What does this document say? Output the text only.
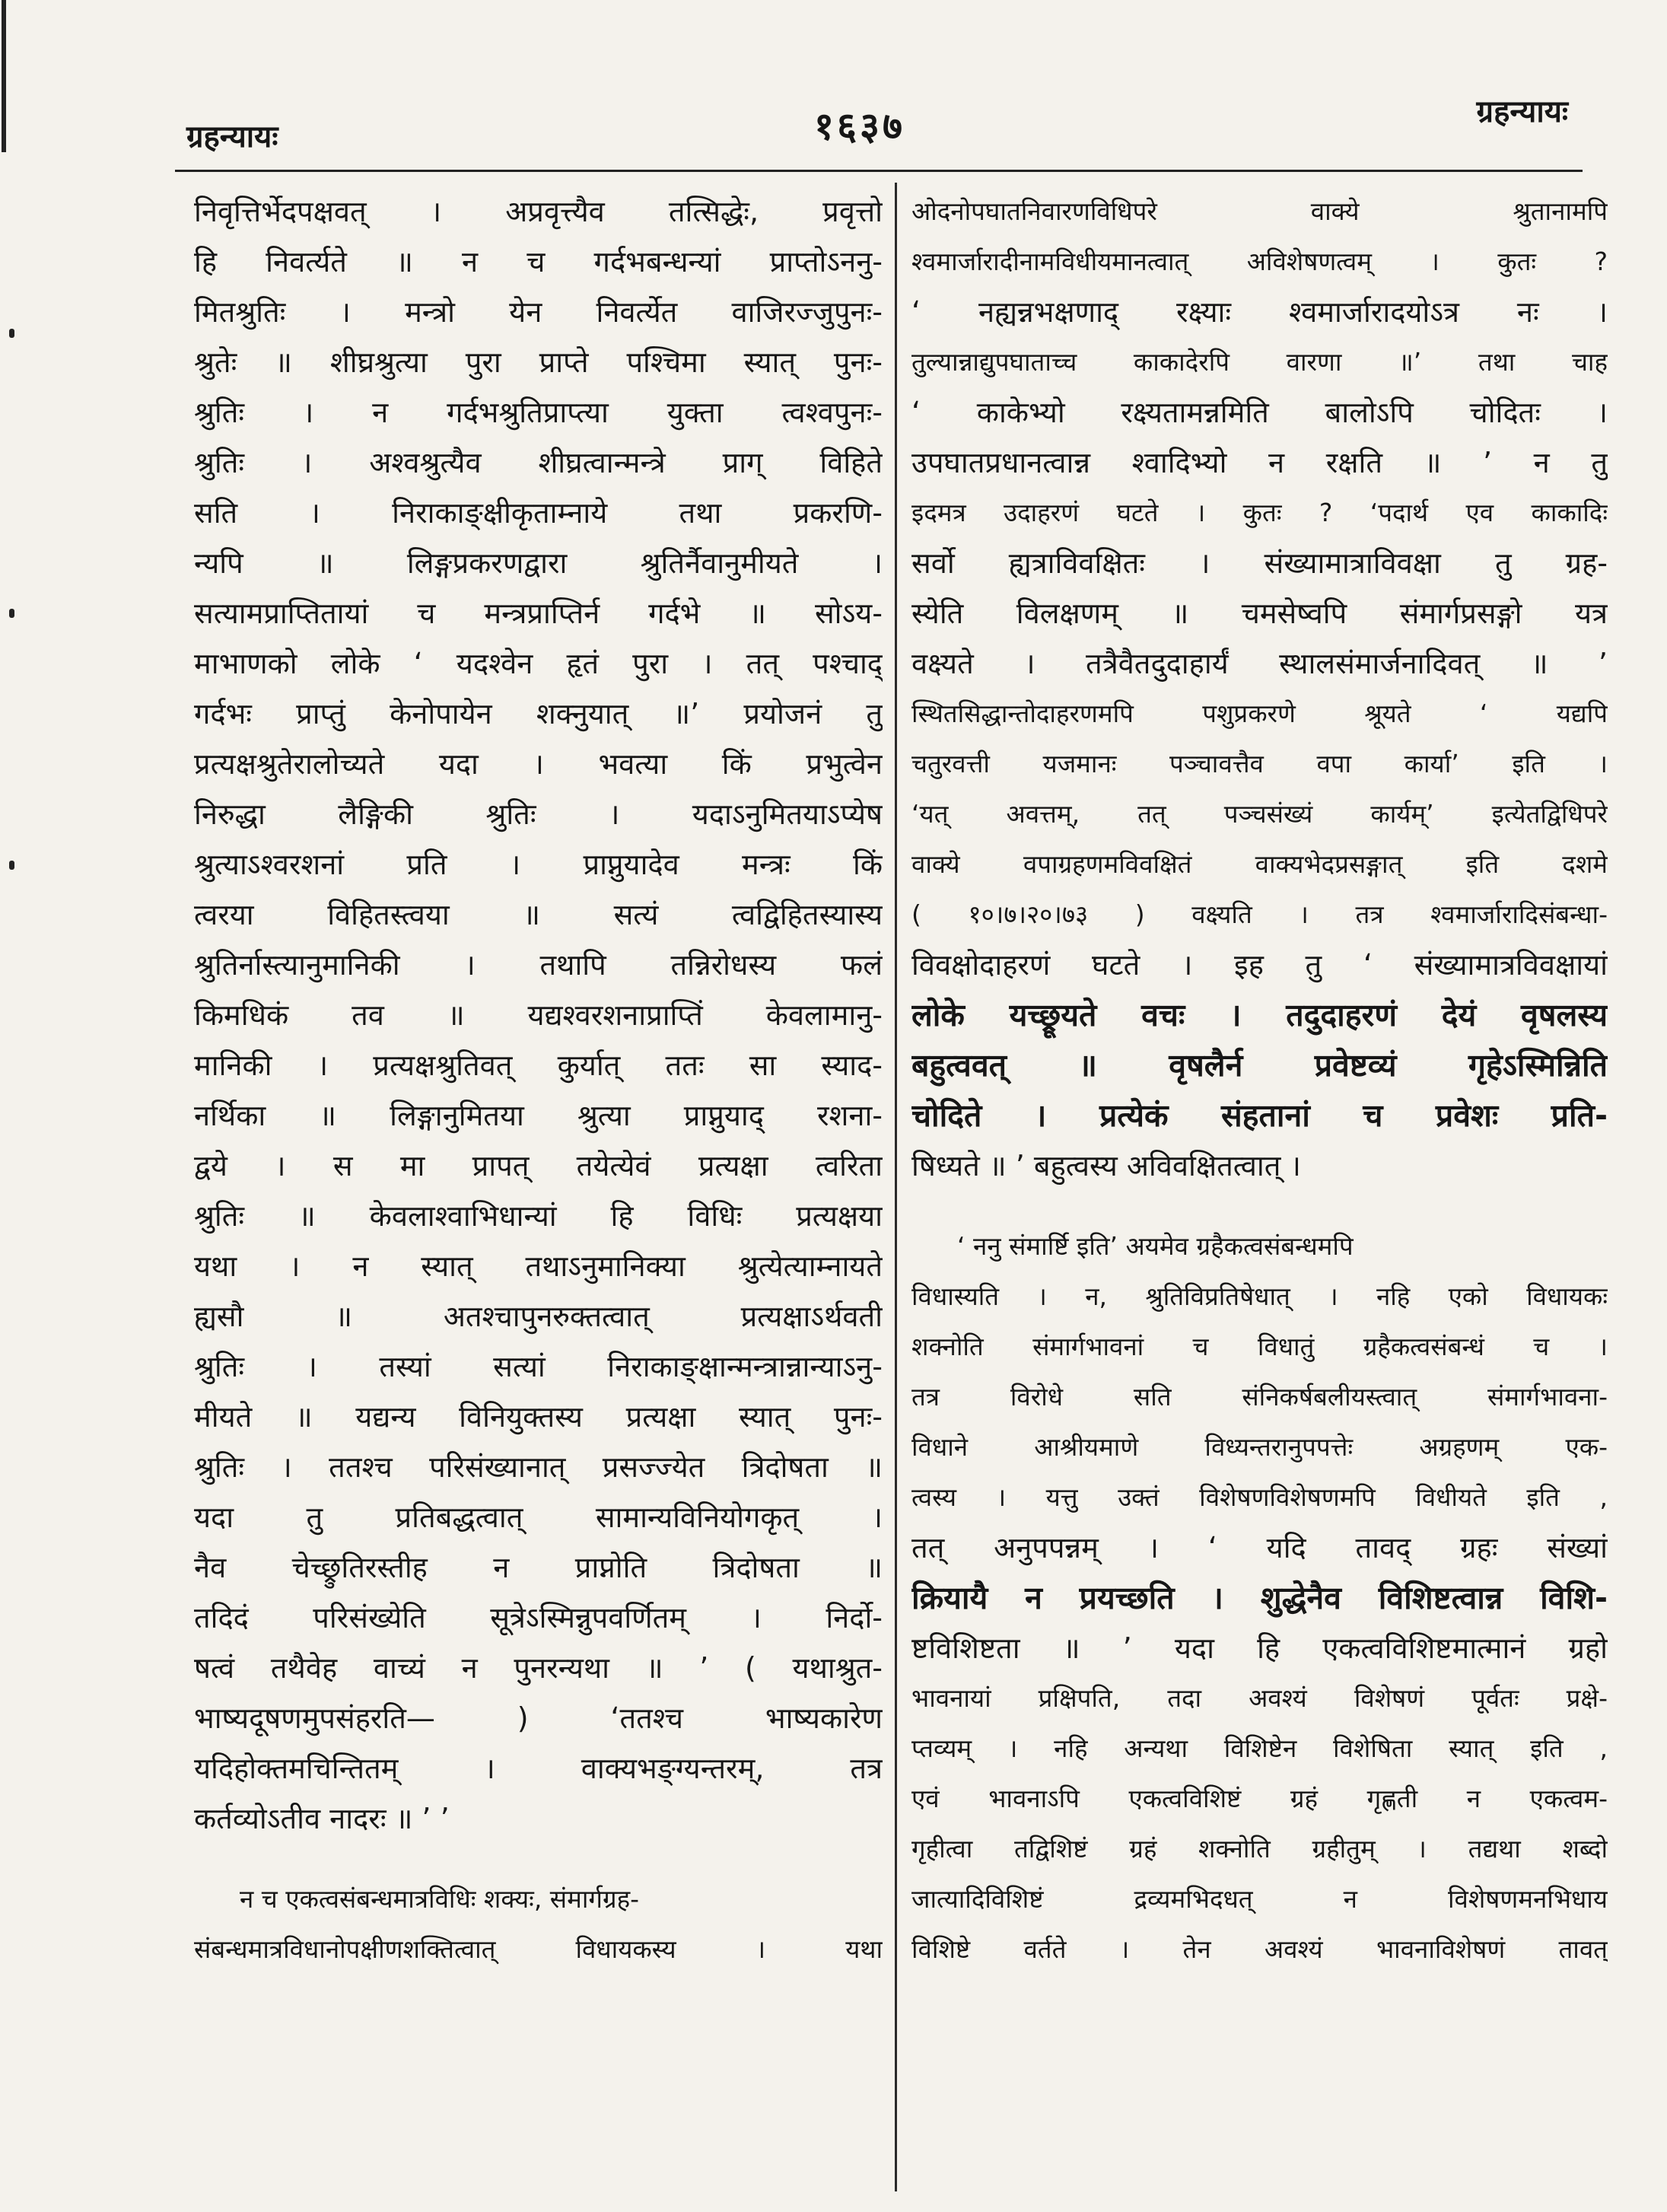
ग्रहन्यायः	१६३७	ग्रहन्यायः
निवृत्तिर्भेदपक्षवत् । अप्रवृत्त्यैव तत्सिद्धेः, प्रवृत्तो
हि निवर्त्यते ॥ न च गर्दभबन्धन्यां प्राप्तोऽननु-
मितश्रुतिः । मन्त्रो येन निवर्त्येत वाजिरज्जुपुनः-
श्रुतेः ॥ शीघ्रश्रुत्या पुरा प्राप्ते पश्चिमा स्यात् पुनः-
श्रुतिः । न गर्दभश्रुतिप्राप्त्या युक्ता त्वश्वपुनः-
श्रुतिः । अश्वश्रुत्यैव शीघ्रत्वान्मन्त्रे प्राग् विहिते
सति । निराकाङ्क्षीकृताम्नाये तथा प्रकरणि-
न्यपि ॥ लिङ्गप्रकरणद्वारा श्रुतिर्नैवानुमीयते ।
सत्यामप्राप्तितायां च मन्त्रप्राप्तिर्न गर्दभे ॥ सोऽय-
माभाणको लोके ‘ यदश्वेन हृतं पुरा । तत् पश्चाद्
गर्दभः प्राप्तुं केनोपायेन शक्नुयात् ॥’ प्रयोजनं तु
प्रत्यक्षश्रुतेरालोच्यते यदा । भवत्या किं प्रभुत्वेन
निरुद्धा लैङ्गिकी श्रुतिः । यदाऽनुमितयाऽप्येष
श्रुत्याऽश्वरशनां प्रति । प्राप्नुयादेव मन्त्रः किं
त्वरया विहितस्त्वया ॥ सत्यं त्वद्विहितस्यास्य
श्रुतिर्नास्त्यानुमानिकी । तथापि तन्निरोधस्य फलं
किमधिकं तव ॥ यद्यश्वरशनाप्राप्तिं केवलामानु-
मानिकी । प्रत्यक्षश्रुतिवत् कुर्यात् ततः सा स्याद-
नर्थिका ॥ लिङ्गानुमितया श्रुत्या प्राप्नुयाद् रशना-
द्वये । स मा प्रापत् तयेत्येवं प्रत्यक्षा त्वरिता
श्रुतिः ॥ केवलाश्वाभिधान्यां हि विधिः प्रत्यक्षया
यथा । न स्यात् तथाऽनुमानिक्या श्रुत्येत्याम्नायते
ह्यसौ ॥ अतश्चापुनरुक्तत्वात् प्रत्यक्षाऽर्थवती
श्रुतिः । तस्यां सत्यां निराकाङ्क्षान्मन्त्रान्नान्याऽनु-
मीयते ॥ यद्यन्य विनियुक्तस्य प्रत्यक्षा स्यात् पुनः-
श्रुतिः । ततश्च परिसंख्यानात् प्रसज्ज्येत त्रिदोषता ॥
यदा तु प्रतिबद्धत्वात् सामान्यविनियोगकृत् ।
नैव चेच्छ्रुतिरस्तीह न प्राप्नोति त्रिदोषता ॥
तदिदं परिसंख्येति सूत्रेऽस्मिन्नुपवर्णितम् । निर्दो-
षत्वं तथैवेह वाच्यं न पुनरन्यथा ॥ ’ ( यथाश्रुत-
भाष्यदूषणमुपसंहरति— ) ‘ततश्च भाष्यकारेण
यदिहोक्तमचिन्तितम् । वाक्यभङ्ग्यन्तरम्, तत्र
कर्तव्योऽतीव नादरः ॥ ’ ’
न च एकत्वसंबन्धमात्रविधिः शक्यः, संमार्गग्रह-
संबन्धमात्रविधानोपक्षीणशक्तित्वात् विधायकस्य । यथा
ओदनोपघातनिवारणविधिपरे वाक्ये श्रुतानामपि
श्वमार्जारादीनामविधीयमानत्वात् अविशेषणत्वम् । कुतः ?
‘ नह्यन्नभक्षणाद् रक्ष्याः श्वमार्जारादयोऽत्र नः ।
तुल्यान्नाद्युपघाताच्च काकादेरपि वारणा ॥’ तथा चाह
‘ काकेभ्यो रक्ष्यतामन्नमिति बालोऽपि चोदितः ।
उपघातप्रधानत्वान्न श्वादिभ्यो न रक्षति ॥ ’ न तु
इदमत्र उदाहरणं घटते । कुतः ? ‘पदार्थ एव काकादिः
सर्वो ह्यत्राविवक्षितः । संख्यामात्राविवक्षा तु ग्रह-
स्येति विलक्षणम् ॥ चमसेष्वपि संमार्गप्रसङ्गो यत्र
वक्ष्यते । तत्रैवैतदुदाहार्यं स्थालसंमार्जनादिवत् ॥ ’
स्थितसिद्धान्तोदाहरणमपि पशुप्रकरणे श्रूयते ‘ यद्यपि
चतुरवत्ती यजमानः पञ्चावत्तैव वपा कार्या’ इति ।
‘यत् अवत्तम्, तत् पञ्चसंख्यं कार्यम्’ इत्येतद्विधिपरे
वाक्ये वपाग्रहणमविवक्षितं वाक्यभेदप्रसङ्गात् इति दशमे
( १०।७।२०।७३ ) वक्ष्यति । तत्र श्वमार्जारादिसंबन्धा-
विवक्षोदाहरणं घटते । इह तु ‘ संख्यामात्रविवक्षायां
लोके यच्छ्रूयते वचः । तदुदाहरणं देयं वृषलस्य
बहुत्ववत् ॥ वृषलैर्न प्रवेष्टव्यं गृहेऽस्मिन्निति
चोदिते । प्रत्येकं संहतानां च प्रवेशः प्रति-
षिध्यते ॥ ’ बहुत्वस्य अविवक्षितत्वात् ।
‘ ननु संमार्ष्टि इति’ अयमेव ग्रहैकत्वसंबन्धमपि
विधास्यति । न, श्रुतिविप्रतिषेधात् । नहि एको विधायकः
शक्नोति संमार्गभावनां च विधातुं ग्रहैकत्वसंबन्धं च ।
तत्र विरोधे सति संनिकर्षबलीयस्त्वात् संमार्गभावना-
विधाने आश्रीयमाणे विध्यन्तरानुपपत्तेः अग्रहणम् एक-
त्वस्य । यत्तु उक्तं विशेषणविशेषणमपि विधीयते इति ,
तत् अनुपपन्नम् । ‘ यदि तावद् ग्रहः संख्यां
क्रियायै न प्रयच्छति । शुद्धेनैव विशिष्टत्वान्न विशि-
ष्टविशिष्टता ॥ ’ यदा हि एकत्वविशिष्टमात्मानं ग्रहो
भावनायां प्रक्षिपति, तदा अवश्यं विशेषणं पूर्वतः प्रक्षे-
प्तव्यम् । नहि अन्यथा विशिष्टेन विशेषिता स्यात् इति ,
एवं भावनाऽपि एकत्वविशिष्टं ग्रहं गृह्णती न एकत्वम-
गृहीत्वा तद्विशिष्टं ग्रहं शक्नोति ग्रहीतुम् । तद्यथा शब्दो
जात्यादिविशिष्टं द्रव्यमभिदधत् न विशेषणमनभिधाय
विशिष्टे वर्तते । तेन अवश्यं भावनाविशेषणं तावत्
